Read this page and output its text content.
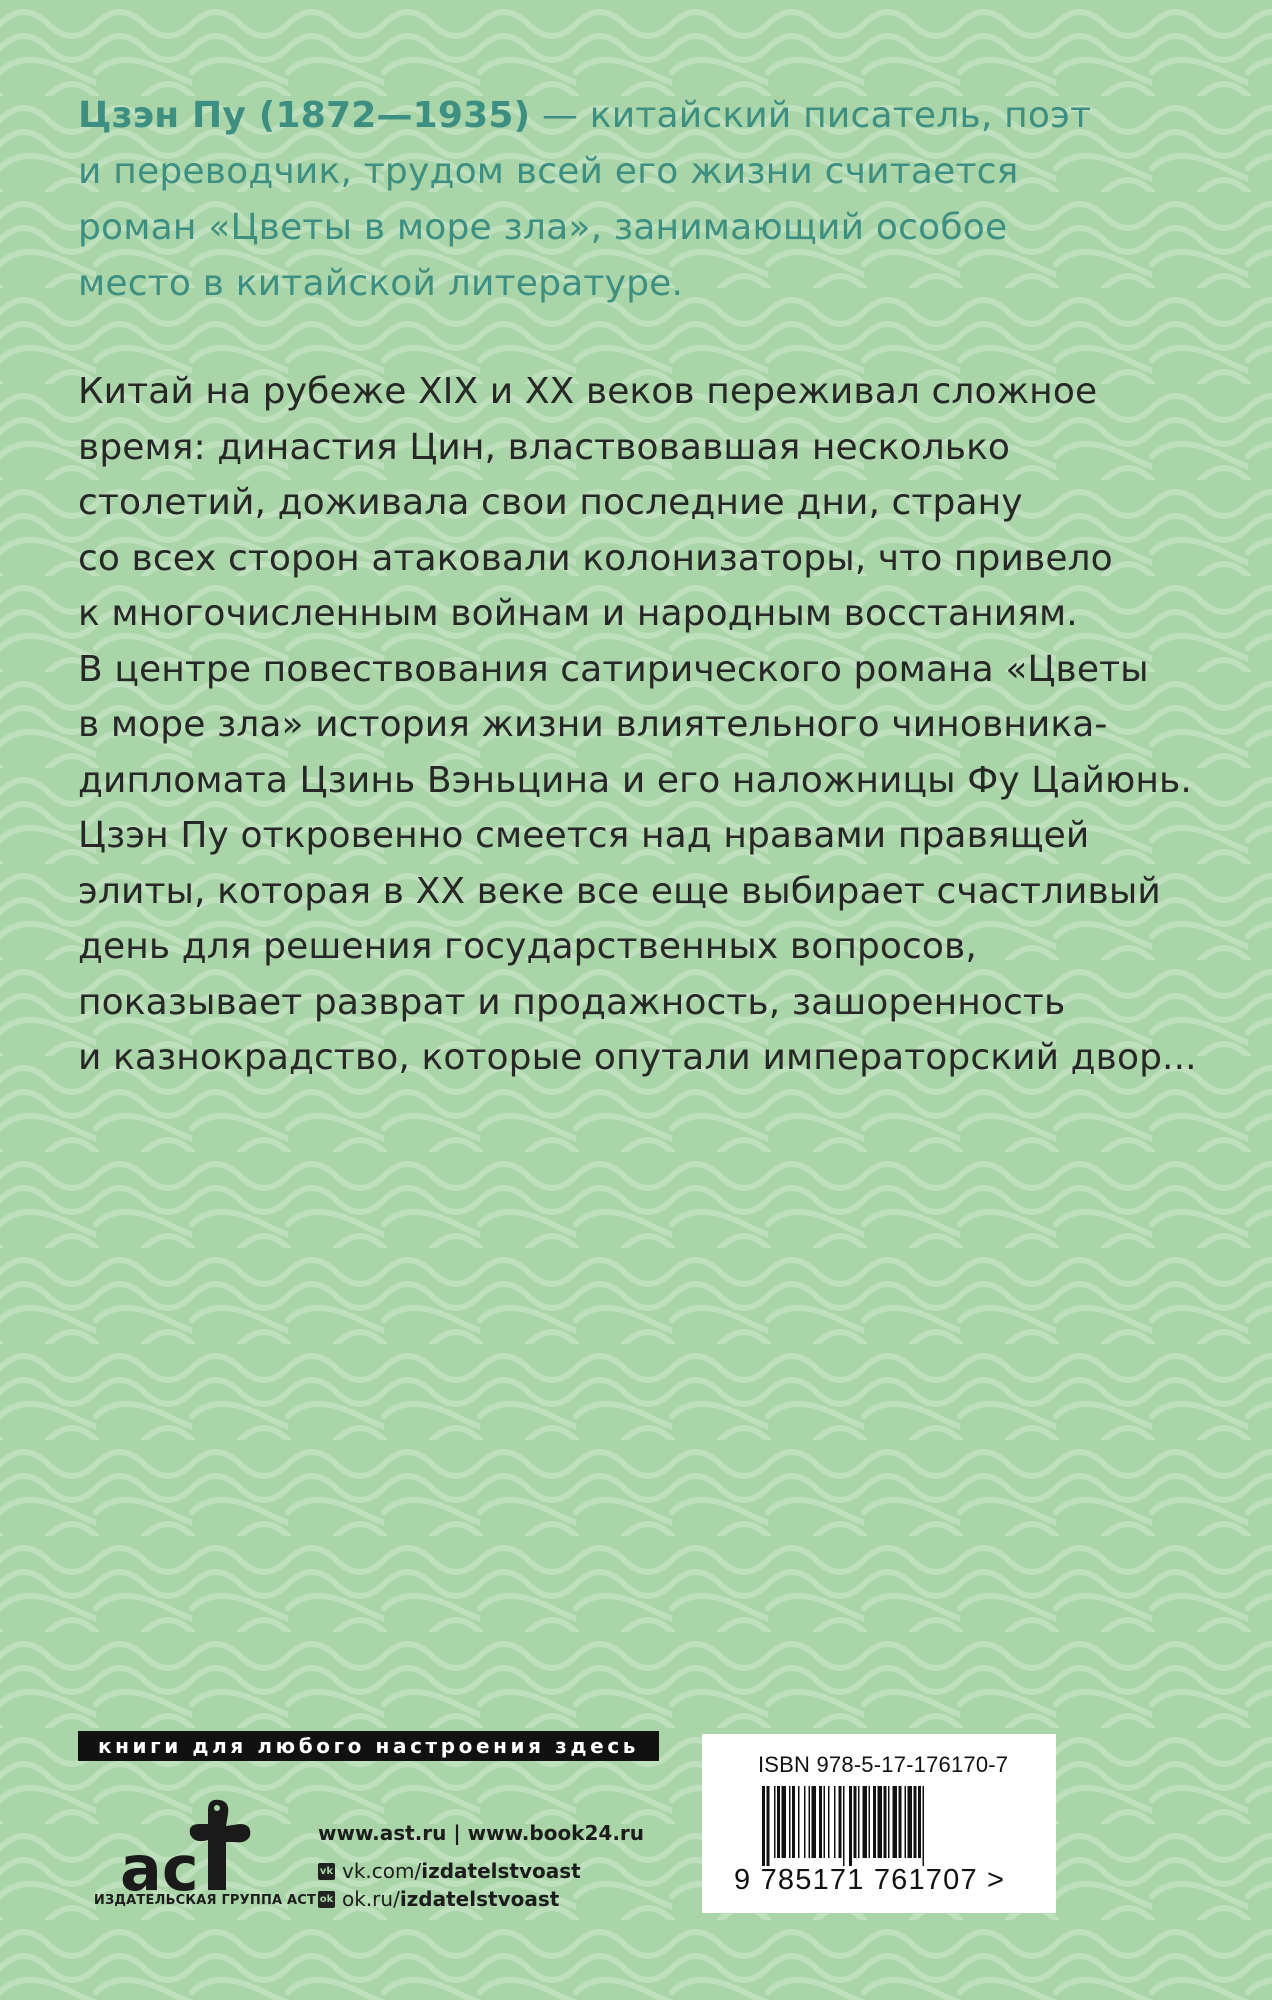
Цзэн Пу (1872—1935) — китайский писатель, поэт
и переводчик, трудом всей его жизни считается
роман «Цветы в море зла», занимающий особое
место в китайской литературе.

Китай на рубеже XIX и XX веков переживал сложное
время: династия Цин, властвовавшая несколько
столетий, доживала свои последние дни, страну
со всех сторон атаковали колонизаторы, что привело
к многочисленным войнам и народным восстаниям.
В центре повествования сатирического романа «Цветы
в море зла» история жизни влиятельного чиновника-
дипломата Цзинь Вэньцина и его наложницы Фу Цайюнь.
Цзэн Пу откровенно смеется над нравами правящей
элиты, которая в XX веке все еще выбирает счастливый
день для решения государственных вопросов,
показывает разврат и продажность, зашоренность
и казнокрадство, которые опутали императорский двор...

книги для любого настроения здесь
ac
ИЗДАТЕЛЬСКАЯ ГРУППА АСТ
www.ast.ru | www.book24.ru
vk vk.com/ izdatelstvoast
ok ok.ru/ izdatelstvoast
ISBN 978-5-17-176170-7
9 785171 761707 >
